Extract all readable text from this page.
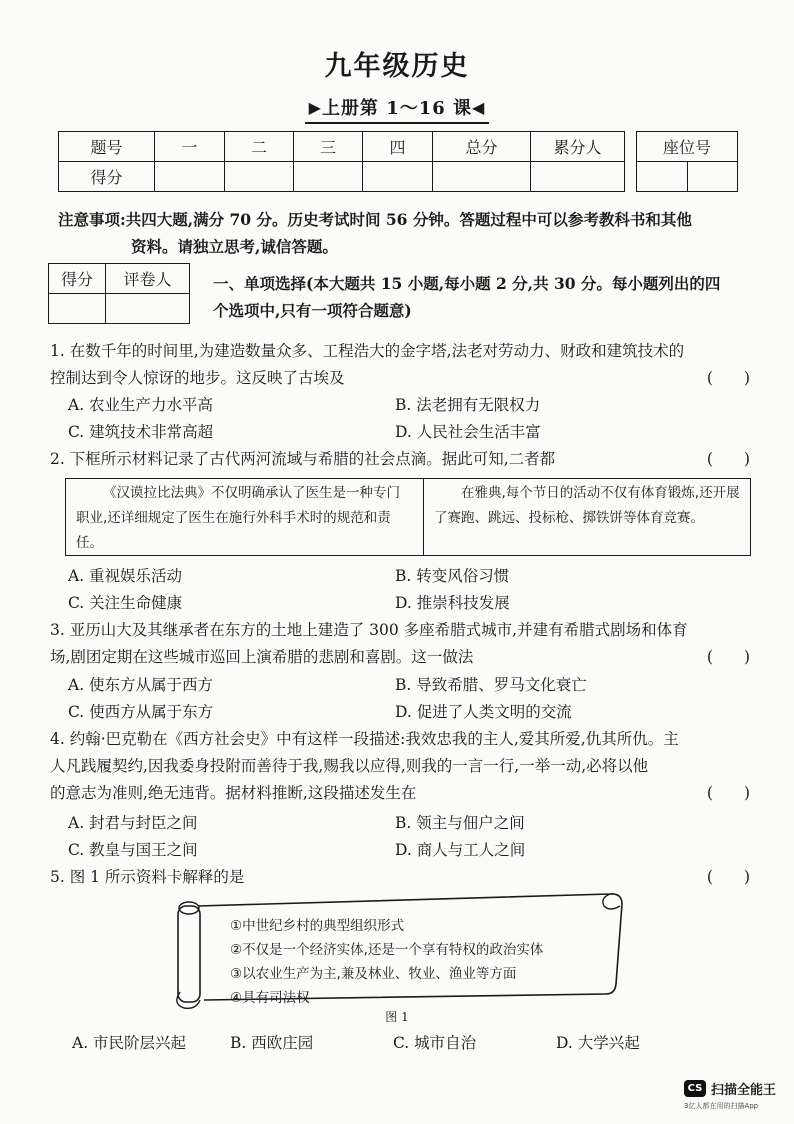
九年级历史
▶上册第 1～16 课◀
题号	一	二	三	四	总分	累分人
得分						
座位号

注意事项:共四大题,满分 70 分。历史考试时间 56 分钟。答题过程中可以参考教科书和其他
资料。请独立思考,诚信答题。
得分	评卷人
		一、单项选择(本大题共 15 小题,每小题 2 分,共 30 分。每小题列出的四
个选项中,只有一项符合题意)
1. 在数千年的时间里,为建造数量众多、工程浩大的金字塔,法老对劳动力、财政和建筑技术的
控制达到令人惊讶的地步。这反映了古埃及	(　　)
A. 农业生产力水平高	B. 法老拥有无限权力
C. 建筑技术非常高超	D. 人民社会生活丰富
2. 下框所示材料记录了古代两河流域与希腊的社会点滴。据此可知,二者都	(　　)
《汉谟拉比法典》不仅明确承认了医生是一种专门职业,还详细规定了医生在施行外科手术时的规范和责任。
在雅典,每个节日的活动不仅有体育锻炼,还开展了赛跑、跳远、投标枪、掷铁饼等体育竞赛。
A. 重视娱乐活动	B. 转变风俗习惯
C. 关注生命健康	D. 推崇科技发展
3. 亚历山大及其继承者在东方的土地上建造了 300 多座希腊式城市,并建有希腊式剧场和体育
场,剧团定期在这些城市巡回上演希腊的悲剧和喜剧。这一做法	(　　)
A. 使东方从属于西方	B. 导致希腊、罗马文化衰亡
C. 使西方从属于东方	D. 促进了人类文明的交流
4. 约翰·巴克勒在《西方社会史》中有这样一段描述:我效忠我的主人,爱其所爱,仇其所仇。主
人凡践履契约,因我委身投附而善待于我,赐我以应得,则我的一言一行,一举一动,必将以他
的意志为准则,绝无违背。据材料推断,这段描述发生在	(　　)
A. 封君与封臣之间	B. 领主与佃户之间
C. 教皇与国王之间	D. 商人与工人之间
5. 图 1 所示资料卡解释的是	(　　)
①中世纪乡村的典型组织形式
②不仅是一个经济实体,还是一个享有特权的政治实体
③以农业生产为主,兼及林业、牧业、渔业等方面
④具有司法权
图 1
A. 市民阶层兴起	B. 西欧庄园	C. 城市自治	D. 大学兴起
CS 扫描全能王
3亿人都在用的扫描App
